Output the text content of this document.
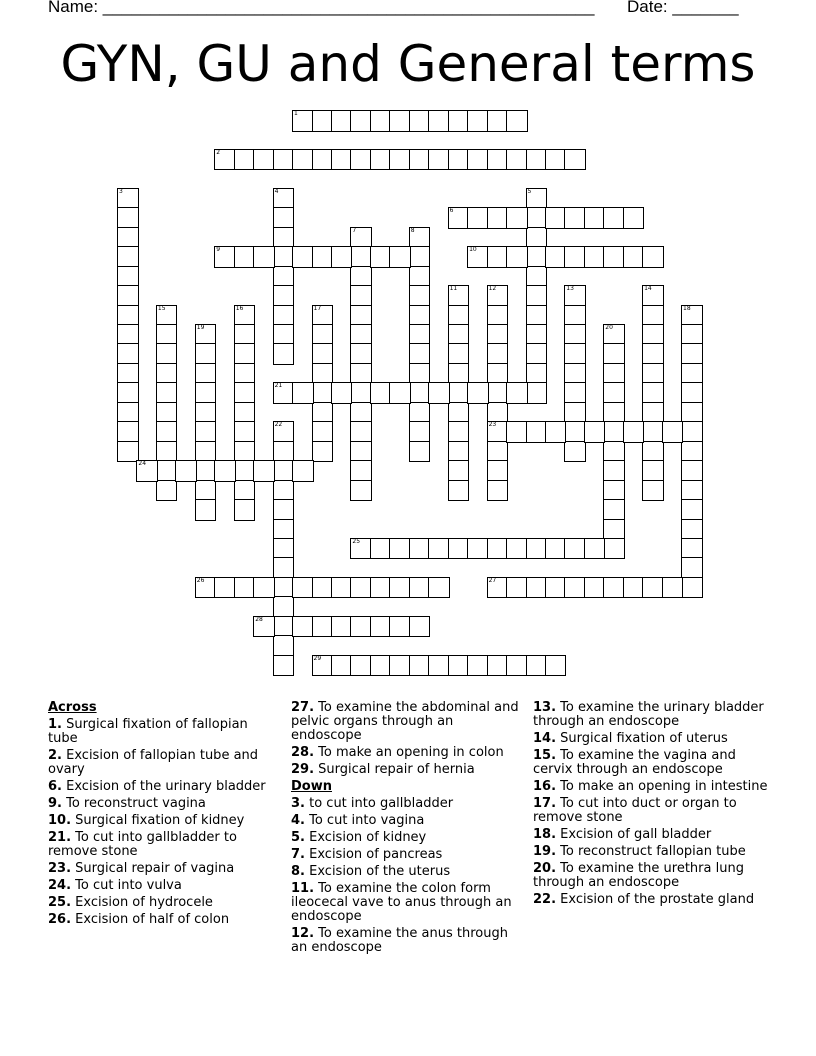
Name: ____________________________________________________ Date: _______
GYN, GU and General terms
1
2
3	4	5
6
7	8
9	10
11	12
23
13	14
15	16	17	18
19	20
21
22
24
25
26	27
28
29
Across
1. Surgical fixation of fallopian tube
2. Excision of fallopian tube and ovary
6. Excision of the urinary bladder
9. To reconstruct vagina
10. Surgical fixation of kidney
21. To cut into gallbladder to remove stone
23. Surgical repair of vagina
24. To cut into vulva
25. Excision of hydrocele
26. Excision of half of colon
27. To examine the abdominal and pelvic organs through an endoscope
28. To make an opening in colon
29. Surgical repair of hernia
Down
3. to cut into gallbladder
4. To cut into vagina
5. Excision of kidney
7. Excision of pancreas
8. Excision of the uterus
11. To examine the colon form ileocecal vave to anus through an endoscope
12. To examine the anus through an endoscope
13. To examine the urinary bladder through an endoscope
14. Surgical fixation of uterus
15. To examine the vagina and cervix through an endoscope
16. To make an opening in intestine
17. To cut into duct or organ to remove stone
18. Excision of gall bladder
19. To reconstruct fallopian tube
20. To examine the urethra lung through an endoscope
22. Excision of the prostate gland
